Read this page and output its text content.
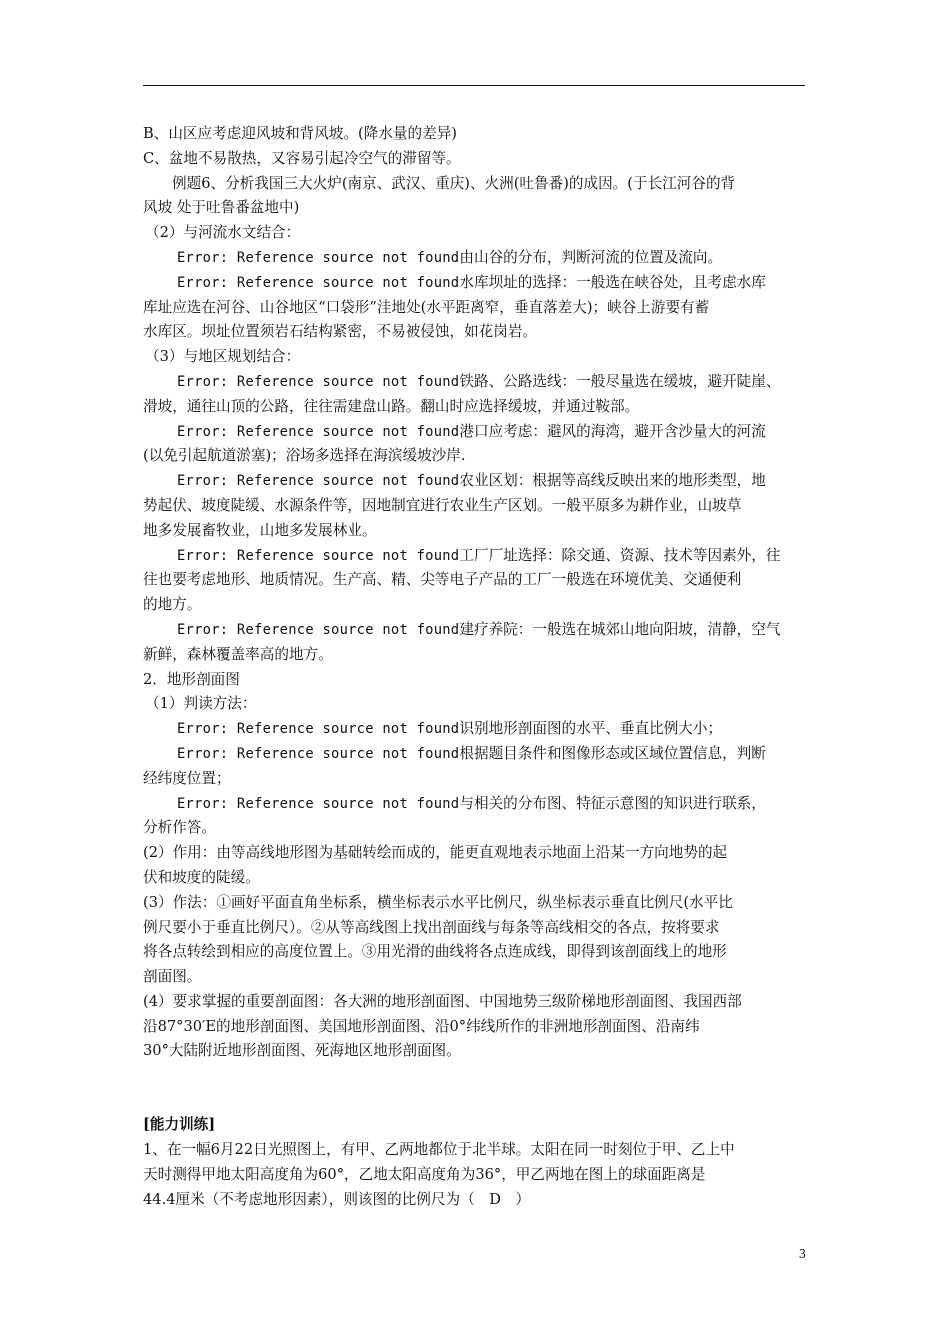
B、山区应考虑迎风坡和背风坡。(降水量的差异)
C、盆地不易散热，又容易引起冷空气的滞留等。
例题6、分析我国三大火炉(南京、武汉、重庆)、火洲(吐鲁番)的成因。(于长江河谷的背
风坡 处于吐鲁番盆地中)
（2）与河流水文结合：
Error: Reference source not found由山谷的分布，判断河流的位置及流向。
Error: Reference source not found水库坝址的选择：一般选在峡谷处，且考虑水库
库址应选在河谷、山谷地区“口袋形”洼地处(水平距离窄，垂直落差大)；峡谷上游要有蓄
水库区。坝址位置须岩石结构紧密，不易被侵蚀，如花岗岩。
（3）与地区规划结合：
Error: Reference source not found铁路、公路选线：一般尽量选在缓坡，避开陡崖、
滑坡，通往山顶的公路，往往需建盘山路。翻山时应选择缓坡，并通过鞍部。
Error: Reference source not found港口应考虑：避风的海湾，避开含沙量大的河流
(以免引起航道淤塞)；浴场多选择在海滨缓坡沙岸.
Error: Reference source not found农业区划：根据等高线反映出来的地形类型，地
势起伏、坡度陡缓、水源条件等，因地制宜进行农业生产区划。一般平原多为耕作业，山坡草
地多发展畜牧业，山地多发展林业。
Error: Reference source not found工厂厂址选择：除交通、资源、技术等因素外，往
往也要考虑地形、地质情况。生产高、精、尖等电子产品的工厂一般选在环境优美、交通便利
的地方。
Error: Reference source not found建疗养院：一般选在城郊山地向阳坡，清静，空气
新鲜，森林覆盖率高的地方。
2．地形剖面图
（1）判读方法：
Error: Reference source not found识别地形剖面图的水平、垂直比例大小；
Error: Reference source not found根据题目条件和图像形态或区域位置信息，判断
经纬度位置；
Error: Reference source not found与相关的分布图、特征示意图的知识进行联系，
分析作答。
(2）作用：由等高线地形图为基础转绘而成的，能更直观地表示地面上沿某一方向地势的起
伏和坡度的陡缓。
(3）作法：①画好平面直角坐标系，横坐标表示水平比例尺，纵坐标表示垂直比例尺(水平比
例尺要小于垂直比例尺）。②从等高线图上找出剖面线与每条等高线相交的各点，按将要求
将各点转绘到相应的高度位置上。③用光滑的曲线将各点连成线，即得到该剖面线上的地形
剖面图。
(4）要求掌握的重要剖面图：各大洲的地形剖面图、中国地势三级阶梯地形剖面图、我国西部
沿87°30′E的地形剖面图、美国地形剖面图、沿0°纬线所作的非洲地形剖面图、沿南纬
30°大陆附近地形剖面图、死海地区地形剖面图。
[能力训练]
1、在一幅6月22日光照图上，有甲、乙两地都位于北半球。太阳在同一时刻位于甲、乙上中
天时测得甲地太阳高度角为60°，乙地太阳高度角为36°，甲乙两地在图上的球面距离是
44.4厘米（不考虑地形因素），则该图的比例尺为（　D　）
3
